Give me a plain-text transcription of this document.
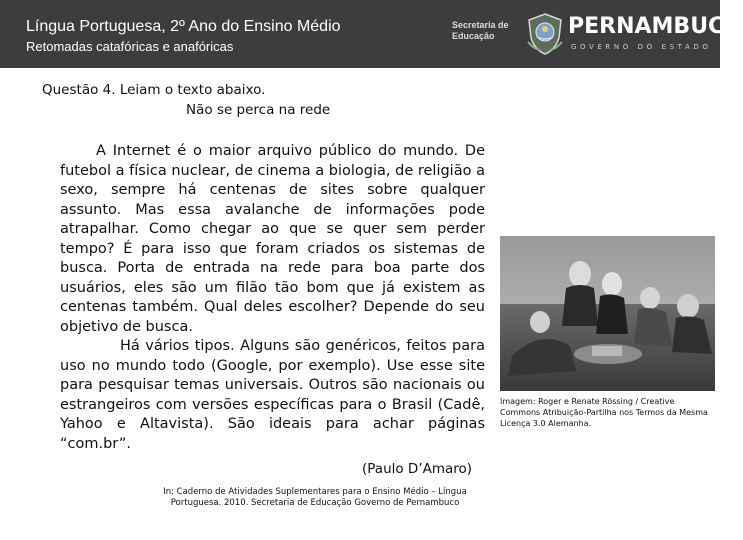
Língua Portuguesa, 2º Ano do Ensino Médio
Retomadas catafóricas e anafóricas
Secretaria de
Educação	PERNAMBUCO
GOVERNO DO ESTADO
Questão 4. Leiam o texto abaixo.
Não se perca na rede

A Internet é o maior arquivo público do mundo. De futebol a física nuclear, de cinema a biologia, de religião a sexo, sempre há centenas de sites sobre qualquer assunto. Mas essa avalanche de informações pode atrapalhar. Como chegar ao que se quer sem perder tempo? É para isso que foram criados os sistemas de busca. Porta de entrada na rede para boa parte dos usuários, eles são um filão tão bom que já existem as centenas também. Qual deles escolher? Depende do seu objetivo de busca.

Há vários tipos. Alguns são genéricos, feitos para uso no mundo todo (Google, por exemplo). Use esse site para pesquisar temas universais. Outros são nacionais ou estrangeiros com versões específicas para o Brasil (Cadê, Yahoo e Altavista). São ideais para achar páginas “com.br”.

(Paulo D’Amaro)
In: Caderno de Atividades Suplementares para o Ensino Médio – Língua Portuguesa. 2010. Secretaria de Educação Governo de Pernambuco
Imagem: Roger e Renate Rössing / Creative Commons Atribuição-Partilha nos Termos da Mesma Licença 3.0 Alemanha.
